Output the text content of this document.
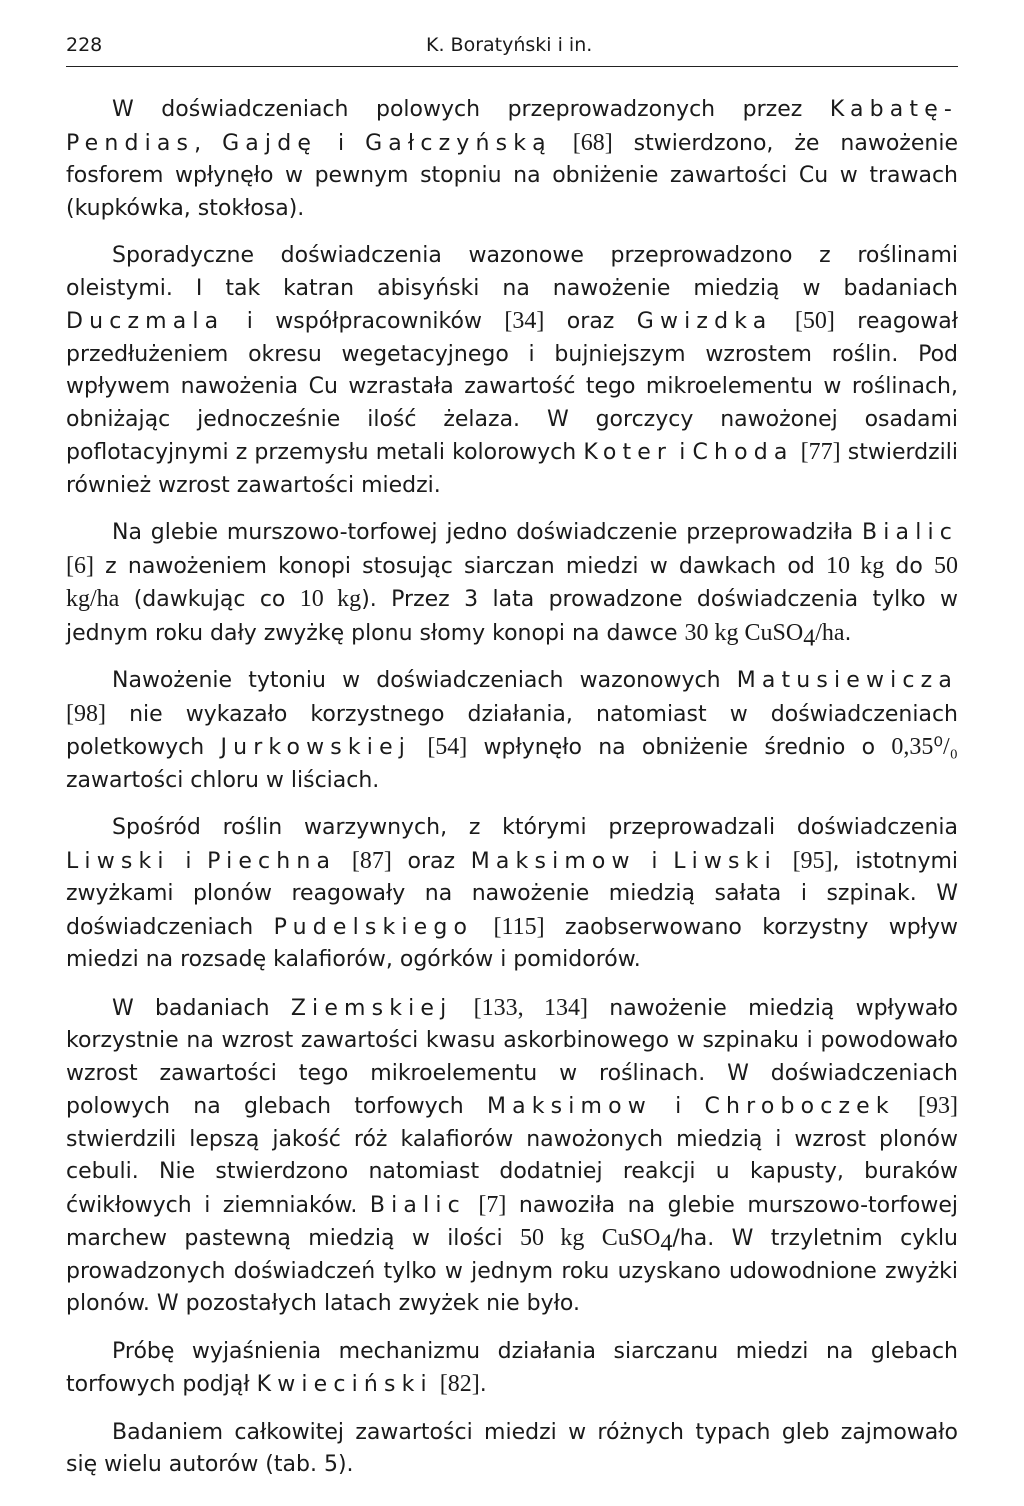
228	K. Boratyński i in.

W doświadczeniach polowych przeprowadzonych przez Kabatę-Pendias, Gajdę i Gałczyńską [68] stwierdzono, że nawożenie fosforem wpłynęło w pewnym stopniu na obniżenie zawartości Cu w trawach (kupkówka, stokłosa).

Sporadyczne doświadczenia wazonowe przeprowadzono z roślinami oleistymi. I tak katran abisyński na nawożenie miedzią w badaniach Duczmala i współpracowników [34] oraz Gwizdka [50] reagował przedłużeniem okresu wegetacyjnego i bujniejszym wzrostem roślin. Pod wpływem nawożenia Cu wzrastała zawartość tego mikroelementu w roślinach, obniżając jednocześnie ilość żelaza. W gorczycy nawożonej osadami poflotacyjnymi z przemysłu metali kolorowych Koter i Choda [77] stwierdzili również wzrost zawartości miedzi.

Na glebie murszowo-torfowej jedno doświadczenie przeprowadziła Bialic [6] z nawożeniem konopi stosując siarczan miedzi w dawkach od 10 kg do 50 kg/ha (dawkując co 10 kg). Przez 3 lata prowadzone doświadczenia tylko w jednym roku dały zwyżkę plonu słomy konopi na dawce 30 kg CuSO$_4$/ha.

Nawożenie tytoniu w doświadczeniach wazonowych Matusiewicza [98] nie wykazało korzystnego działania, natomiast w doświadczeniach poletkowych Jurkowskiej [54] wpłynęło na obniżenie średnio o 0,35⁰/₀ zawartości chloru w liściach.

Spośród roślin warzywnych, z którymi przeprowadzali doświadczenia Liwski i Piechna [87] oraz Maksimow i Liwski [95], istotnymi zwyżkami plonów reagowały na nawożenie miedzią sałata i szpinak. W doświadczeniach Pudelskiego [115] zaobserwowano korzystny wpływ miedzi na rozsadę kalafiorów, ogórków i pomidorów.

W badaniach Ziemskiej [133, 134] nawożenie miedzią wpływało korzystnie na wzrost zawartości kwasu askorbinowego w szpinaku i powodowało wzrost zawartości tego mikroelementu w roślinach. W doświadczeniach polowych na glebach torfowych Maksimow i Chroboczek [93] stwierdzili lepszą jakość róż kalafiorów nawożonych miedzią i wzrost plonów cebuli. Nie stwierdzono natomiast dodatniej reakcji u kapusty, buraków ćwikłowych i ziemniaków. Bialic [7] nawoziła na glebie murszowo-torfowej marchew pastewną miedzią w ilości 50 kg CuSO$_4$/ha. W trzyletnim cyklu prowadzonych doświadczeń tylko w jednym roku uzyskano udowodnione zwyżki plonów. W pozostałych latach zwyżek nie było.

Próbę wyjaśnienia mechanizmu działania siarczanu miedzi na glebach torfowych podjął Kwieciński [82].

Badaniem całkowitej zawartości miedzi w różnych typach gleb zajmowało się wielu autorów (tab. 5).
